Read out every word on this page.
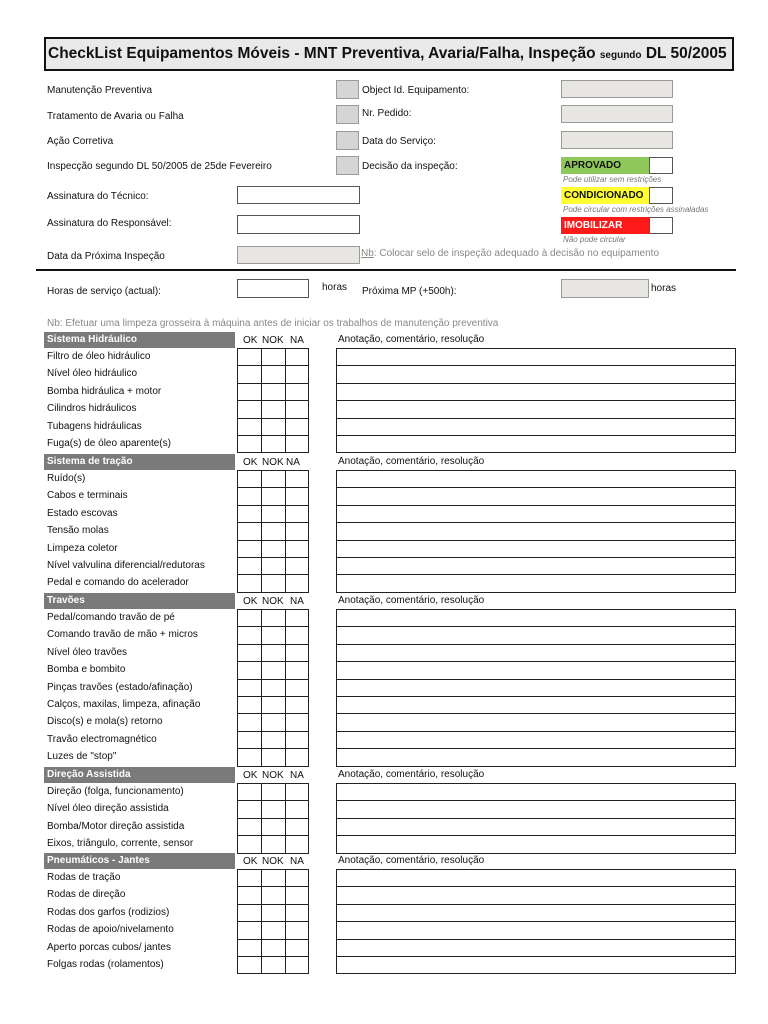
CheckList Equipamentos Móveis - MNT Preventiva, Avaria/Falha, Inspeção segundo DL 50/2005
Manutenção Preventiva
Tratamento de Avaria ou Falha
Ação Corretiva
Inspecção segundo DL 50/2005 de 25de Fevereiro
Object Id. Equipamento:
Nr. Pedido:
Data do Serviço:
Decisão da inspeção:	APROVADO
Pode utilizar sem restrições
CONDICIONADO
Pode circular com restrições assinaladas
IMOBILIZAR
Não pode circular
Assinatura do Técnico:
Assinatura do Responsável:
Data da Próxima Inspeção	Nb: Colocar selo de inspeção adequado à decisão no equipamento
Horas de serviço (actual):	horas Próxima MP (+500h):	horas
Nb: Efetuar uma limpeza grosseira à máquina antes de iniciar os trabalhos de manutenção preventiva
Sistema Hidráulico	OK NOK NA	Anotação, comentário, resolução
Filtro de óleo hidráulico
Nível óleo hidráulico
Bomba hidráulica + motor
Cilindros hidráulicos
Tubagens hidráulicas
Fuga(s) de óleo aparente(s)
Sistema de tração	OK NOK NA	Anotação, comentário, resolução
Ruído(s)
Cabos e terminais
Estado escovas
Tensão molas
Limpeza coletor
Nível valvulina diferencial/redutoras
Pedal e comando do acelerador
Travões	OK NOK NA	Anotação, comentário, resolução
Pedal/comando travão de pé
Comando travão de mão + micros
Nível óleo travões
Bomba e bombito
Pinças travões (estado/afinação)
Calços, maxilas, limpeza, afinação
Disco(s) e mola(s) retorno
Travão electromagnético
Luzes de "stop"
Direção Assistida	OK NOK NA	Anotação, comentário, resolução
Direção (folga, funcionamento)
Nível óleo direção assistida
Bomba/Motor direção assistida
Eixos, triângulo, corrente, sensor
Pneumáticos - Jantes	OK NOK NA	Anotação, comentário, resolução
Rodas de tração
Rodas de direção
Rodas dos garfos (rodizios)
Rodas de apoio/nivelamento
Aperto porcas cubos/ jantes
Folgas rodas (rolamentos)
